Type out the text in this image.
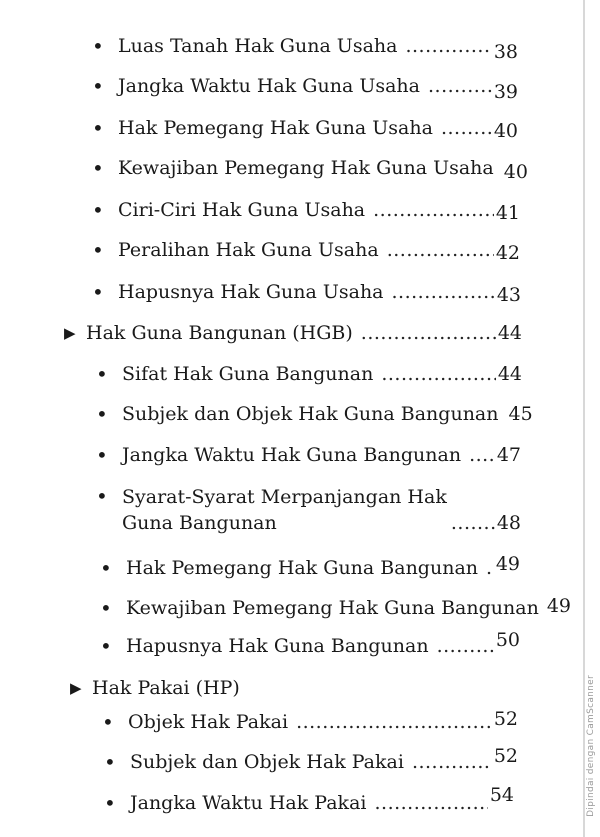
• Luas Tanah Hak Guna Usaha .....	38
• Jangka Waktu Hak Guna Usaha .....	39
• Hak Pemegang Hak Guna Usaha .....	40
• Kewajiban Pemegang Hak Guna Usaha 40
• Ciri-Ciri Hak Guna Usaha .....	41
• Peralihan Hak Guna Usaha .....	42
• Hapusnya Hak Guna Usaha .....	43
▶ Hak Guna Bangunan (HGB) .....	44
• Sifat Hak Guna Bangunan .....	44
• Subjek dan Objek Hak Guna Bangunan 45
• Jangka Waktu Hak Guna Bangunan ..... 47
• Syarat-Syarat Merpanjangan Hak
Guna Bangunan .....	48
• Hak Pemegang Hak Guna Bangunan ..... 49
• Kewajiban Pemegang Hak Guna Bangunan 49
• Hapusnya Hak Guna Bangunan .....	50
▶ Hak Pakai (HP)
• Objek Hak Pakai .....	52
• Subjek dan Objek Hak Pakai .....	52
• Jangka Waktu Hak Pakai .....	54	Dipindai dengan CamScanner
